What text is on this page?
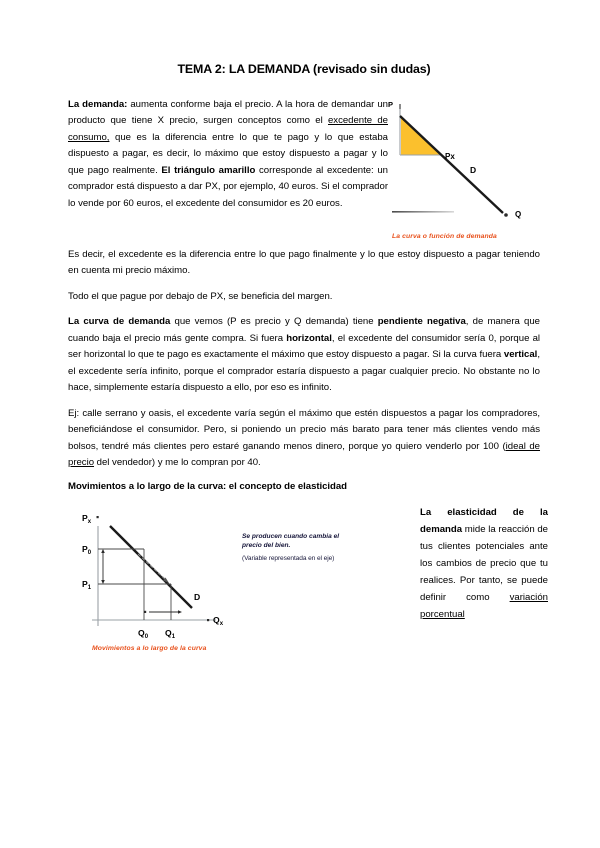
TEMA 2: LA DEMANDA (revisado sin dudas)

La demanda: aumenta conforme baja el precio. A la hora de demandar un producto que tiene X precio, surgen conceptos como el excedente de consumo, que es la diferencia entre lo que te pago y lo que estaba dispuesto a pagar, es decir, lo máximo que estoy dispuesto a pagar y lo que pago realmente. El triángulo amarillo corresponde al excedente: un comprador está dispuesto a dar PX, por ejemplo, 40 euros. Si el comprador lo vende por 60 euros, el excedente del consumidor es 20 euros.

P
Q
Px
D
La curva o función de demanda

Es decir, el excedente es la diferencia entre lo que pago finalmente y lo que estoy dispuesto a pagar teniendo en cuenta mi precio máximo.

Todo el que pague por debajo de PX, se beneficia del margen.

La curva de demanda que vemos (P es precio y Q demanda) tiene pendiente negativa, de manera que cuando baja el precio más gente compra. Si fuera horizontal, el excedente del consumidor sería 0, porque al ser horizontal lo que te pago es exactamente el máximo que estoy dispuesto a pagar. Si la curva fuera vertical, el excedente sería infinito, porque el comprador estaría dispuesto a pagar cualquier precio. No obstante no lo hace, simplemente estaría dispuesto a ello, por eso es infinito.

Ej: calle serrano y oasis, el excedente varía según el máximo que estén dispuestos a pagar los compradores, beneficiándose el consumidor. Pero, si poniendo un precio más barato para tener más clientes vendo más bolsos, tendré más clientes pero estaré ganando menos dinero, porque yo quiero venderlo por 100 (ideal de precio del vendedor) y me lo compran por 40.

Movimientos a lo largo de la curva: el concepto de elasticidad

$P_x$
$Q_x$
$P_0$
$P_1$
$Q_0$ $Q_1$
D
Se producen cuando cambia el
precio del bien.
(Variable representada en el eje)
Movimientos a lo largo de la curva
La elasticidad de la demanda mide la reacción de tus clientes potenciales ante los cambios de precio que tu realices. Por tanto, se puede definir como variación porcentual
